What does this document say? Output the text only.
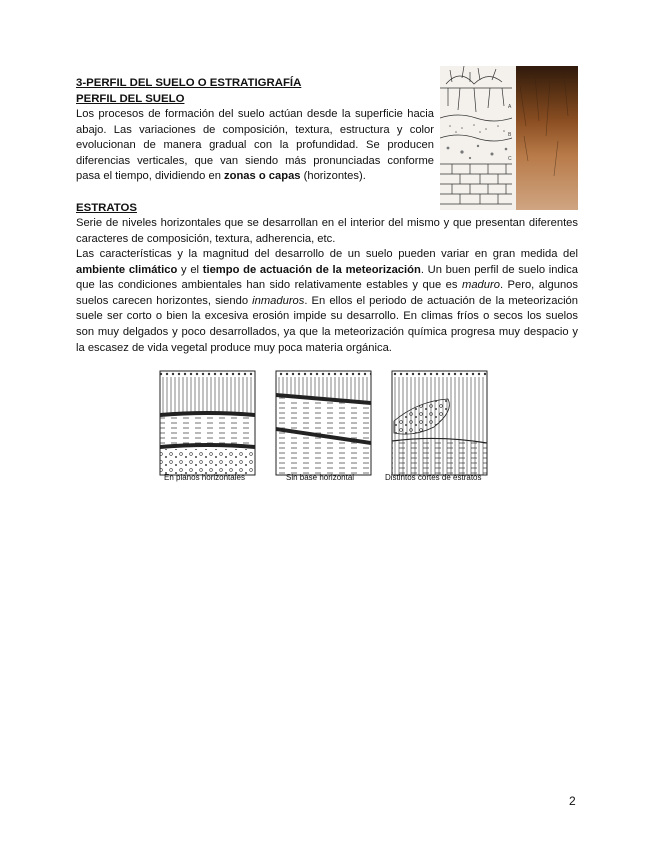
3-PERFIL DEL SUELO O ESTRATIGRAFÍA
PERFIL DEL SUELO
Los procesos de formación del suelo actúan desde la superficie hacia abajo. Las variaciones de composición, textura, estructura y color evolucionan de manera gradual con la profundidad. Se producen diferencias verticales, que van siendo más pronunciadas conforme pasa el tiempo, dividiendo en zonas o capas (horizontes).
A
B
C
ESTRATOS
Serie de niveles horizontales que se desarrollan en el interior del mismo y que presentan diferentes caracteres de composición, textura, adherencia, etc.
Las características y la magnitud del desarrollo de un suelo pueden variar en gran medida del ambiente climático y el tiempo de actuación de la meteorización. Un buen perfil de suelo indica que las condiciones ambientales han sido relativamente estables y que es maduro. Pero, algunos suelos carecen horizontes, siendo inmaduros. En ellos el periodo de actuación de la meteorización suele ser corto o bien la excesiva erosión impide su desarrollo. En climas fríos o secos los suelos son muy delgados y poco desarrollados, ya que la meteorización química progresa muy despacio y la escasez de vida vegetal produce muy poca materia orgánica.
En planos horizontales	Sin base horizontal	Distintos cortes de estratos
2
